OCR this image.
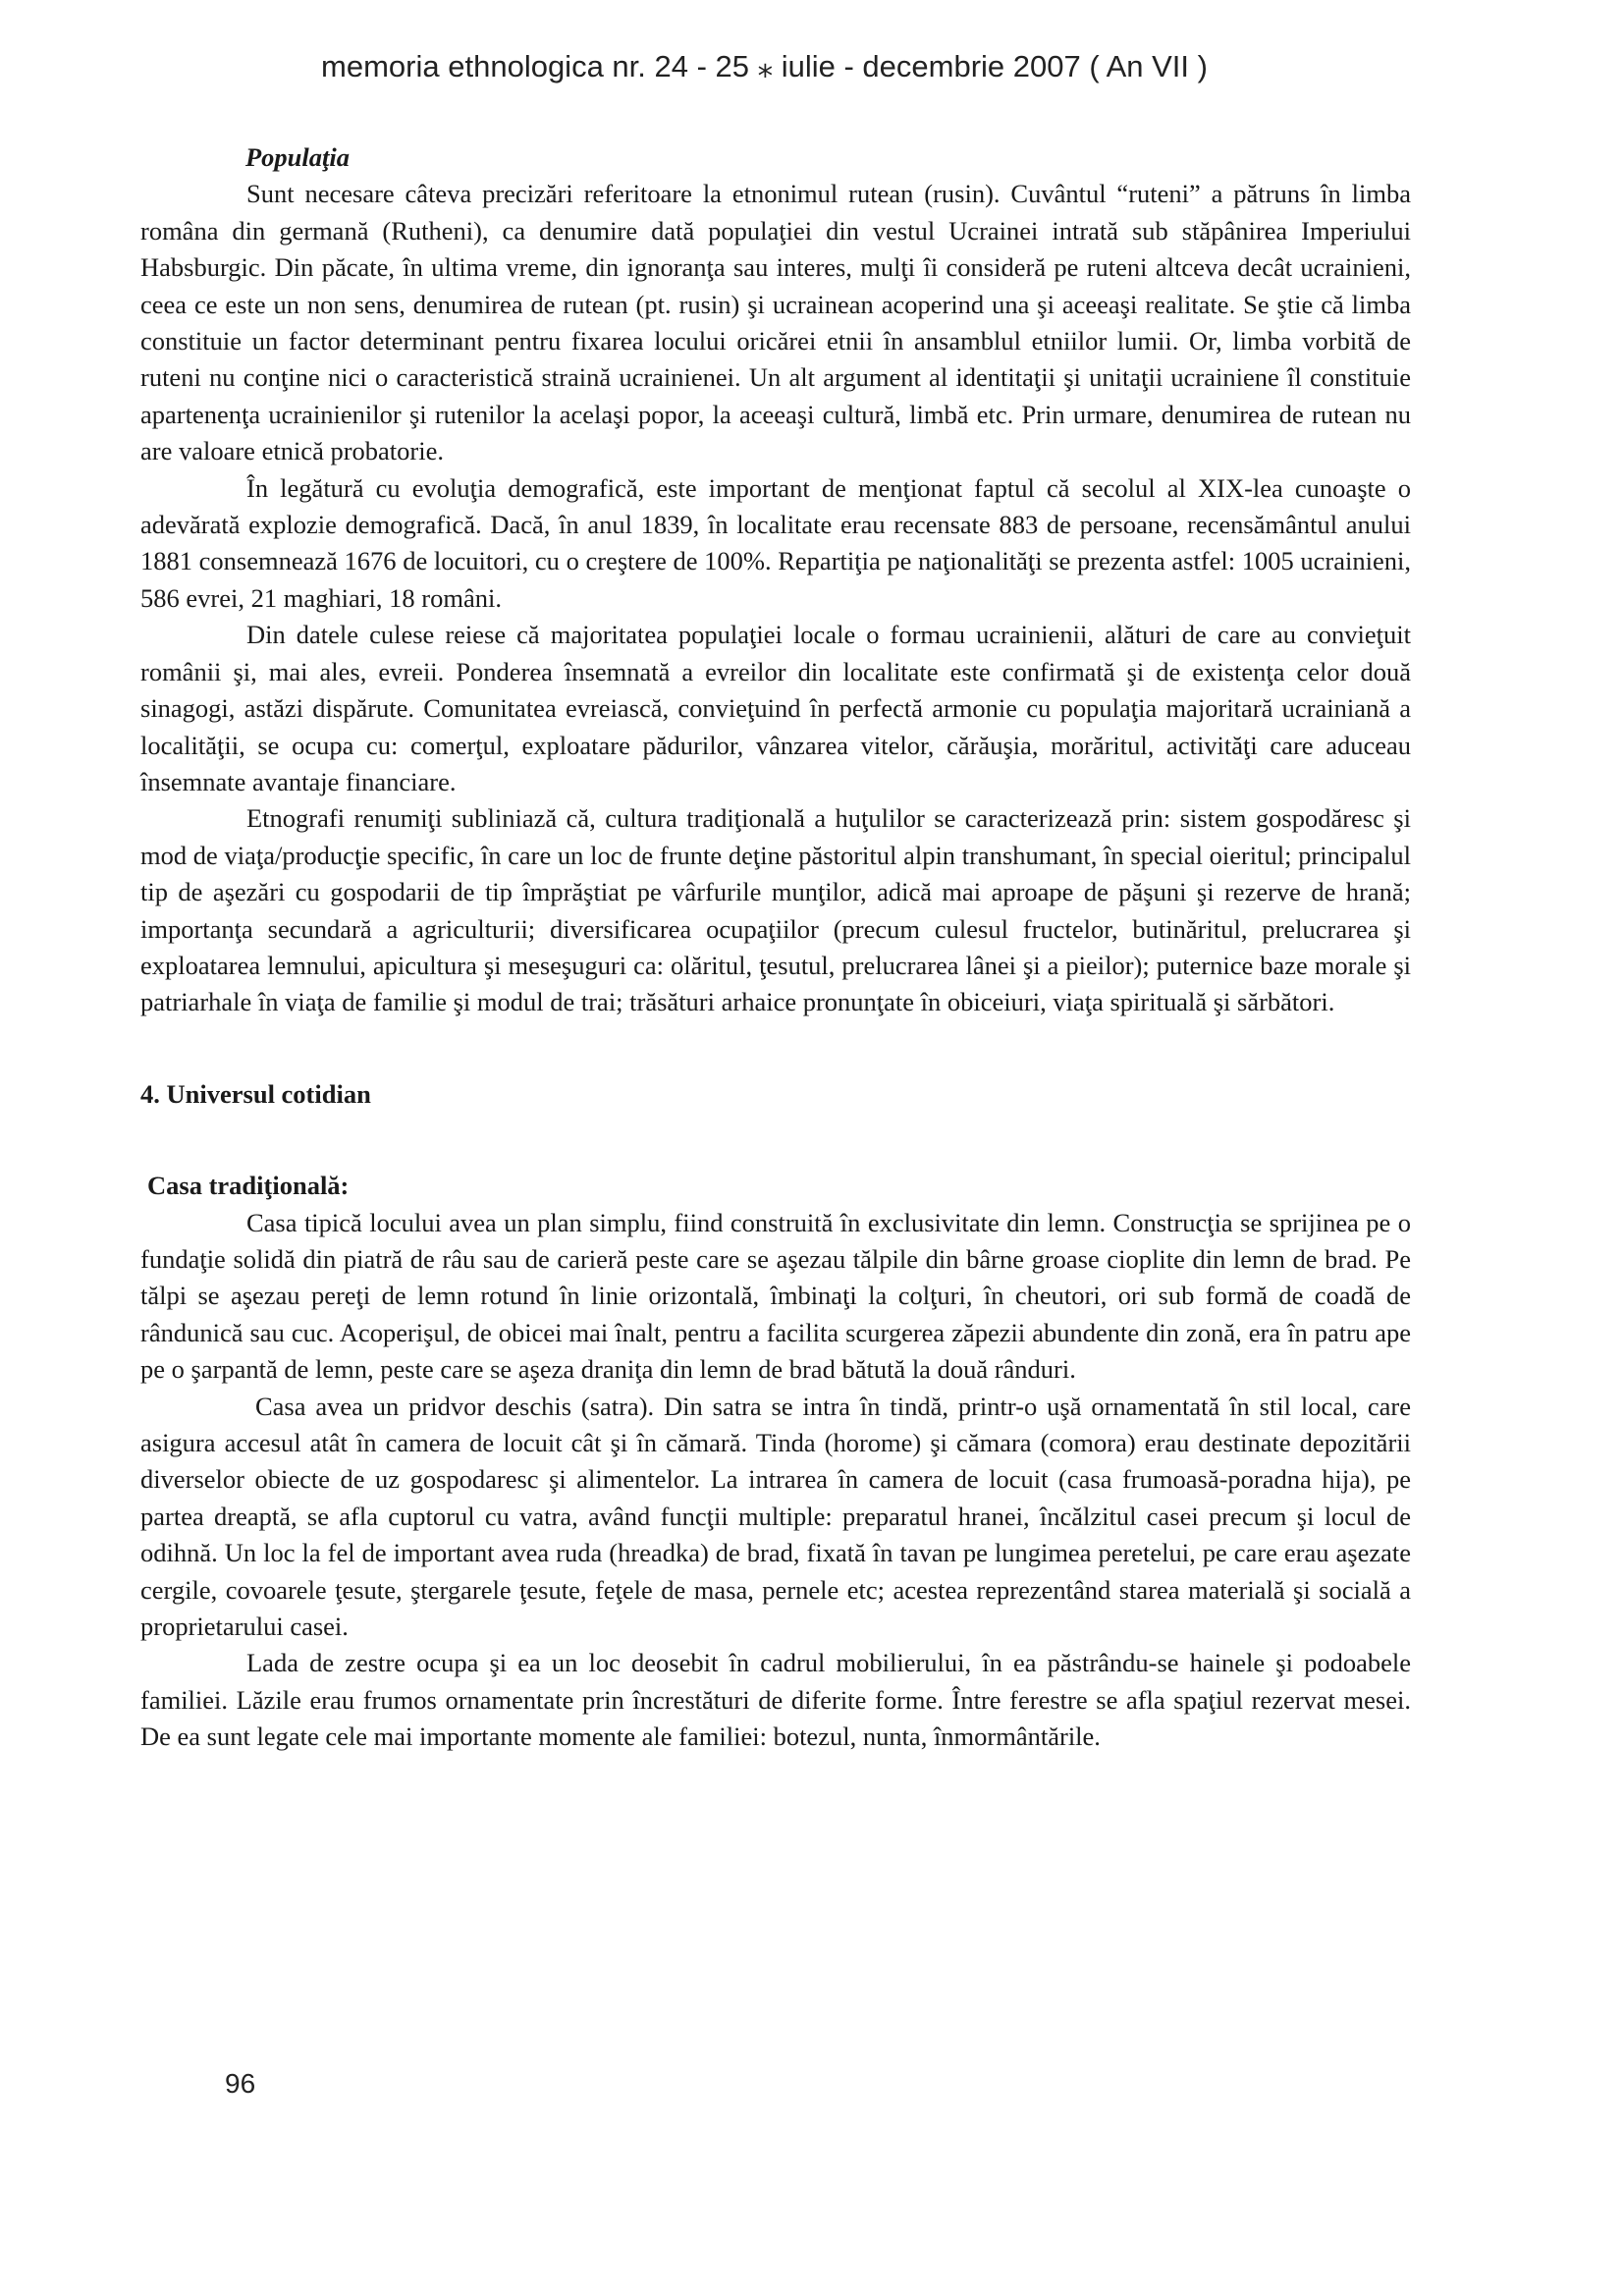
memoria ethnologica nr. 24 - 25 ⁎ iulie - decembrie 2007 ( An VII )

Populaţia

Sunt necesare câteva precizări referitoare la etnonimul rutean (rusin). Cuvântul “ruteni” a pătruns în limba româna din germană (Rutheni), ca denumire dată populaţiei din vestul Ucrainei intrată sub stăpânirea Imperiului Habsburgic. Din păcate, în ultima vreme, din ignoranţa sau interes, mulţi îi consideră pe ruteni altceva decât ucrainieni, ceea ce este un non sens, denumirea de rutean (pt. rusin) şi ucrainean acoperind una şi aceeaşi realitate. Se ştie că limba constituie un factor determinant pentru fixarea locului oricărei etnii în ansamblul etniilor lumii. Or, limba vorbită de ruteni nu conţine nici o caracteristică straină ucrainienei. Un alt argument al identitaţii şi unitaţii ucrainiene îl constituie apartenenţa ucrainienilor şi rutenilor la acelaşi popor, la aceeaşi cultură, limbă etc. Prin urmare, denumirea de rutean nu are valoare etnică probatorie.

În legătură cu evoluţia demografică, este important de menţionat faptul că secolul al XIX-lea cunoaşte o adevărată explozie demografică. Dacă, în anul 1839, în localitate erau recensate 883 de persoane, recensământul anului 1881 consemnează 1676 de locuitori, cu o creştere de 100%. Repartiţia pe naţionalităţi se prezenta astfel: 1005 ucrainieni, 586 evrei, 21 maghiari, 18 români.

Din datele culese reiese că majoritatea populaţiei locale o formau ucrainienii, alături de care au convieţuit românii şi, mai ales, evreii. Ponderea însemnată a evreilor din localitate este confirmată şi de existenţa celor două sinagogi, astăzi dispărute. Comunitatea evreiască, convieţuind în perfectă armonie cu populaţia majoritară ucrainiană a localităţii, se ocupa cu: comerţul, exploatare pădurilor, vânzarea vitelor, cărăuşia, morăritul, activităţi care aduceau însemnate avantaje financiare.

Etnografi renumiţi subliniază că, cultura tradiţională a huţulilor se caracterizează prin: sistem gospodăresc şi mod de viaţa/producţie specific, în care un loc de frunte deţine păstoritul alpin transhumant, în special oieritul; principalul tip de aşezări cu gospodarii de tip împrăştiat pe vârfurile munţilor, adică mai aproape de păşuni şi rezerve de hrană; importanţa secundară a agriculturii; diversificarea ocupaţiilor (precum culesul fructelor, butinăritul, prelucrarea şi exploatarea lemnului, apicultura şi meseşuguri ca: olăritul, ţesutul, prelucrarea lânei şi a pieilor); puternice baze morale şi patriarhale în viaţa de familie şi modul de trai; trăsături arhaice pronunţate în obiceiuri, viaţa spirituală şi sărbători.

4. Universul cotidian

Casa tradiţională:

Casa tipică locului avea un plan simplu, fiind construită în exclusivitate din lemn. Construcţia se sprijinea pe o fundaţie solidă din piatră de râu sau de carieră peste care se aşezau tălpile din bârne groase cioplite din lemn de brad. Pe tălpi se aşezau pereţi de lemn rotund în linie orizontală, îmbinaţi la colţuri, în cheutori, ori sub formă de coadă de rândunică sau cuc. Acoperişul, de obicei mai înalt, pentru a facilita scurgerea zăpezii abundente din zonă, era în patru ape pe o şarpantă de lemn, peste care se aşeza draniţa din lemn de brad bătută la două rânduri.

Casa avea un pridvor deschis (satra). Din satra se intra în tindă, printr-o uşă ornamentată în stil local, care asigura accesul atât în camera de locuit cât şi în cămară. Tinda (horome) şi cămara (comora) erau destinate depozitării diverselor obiecte de uz gospodaresc şi alimentelor. La intrarea în camera de locuit (casa frumoasă-poradna hija), pe partea dreaptă, se afla cuptorul cu vatra, având funcţii multiple: preparatul hranei, încălzitul casei precum şi locul de odihnă. Un loc la fel de important avea ruda (hreadka) de brad, fixată în tavan pe lungimea peretelui, pe care erau aşezate cergile, covoarele ţesute, ştergarele ţesute, feţele de masa, pernele etc; acestea reprezentând starea materială şi socială a proprietarului casei.

Lada de zestre ocupa şi ea un loc deosebit în cadrul mobilierului, în ea păstrându-se hainele şi podoabele familiei. Lăzile erau frumos ornamentate prin încrestături de diferite forme. Între ferestre se afla spaţiul rezervat mesei. De ea sunt legate cele mai importante momente ale familiei: botezul, nunta, înmormântările.

96
